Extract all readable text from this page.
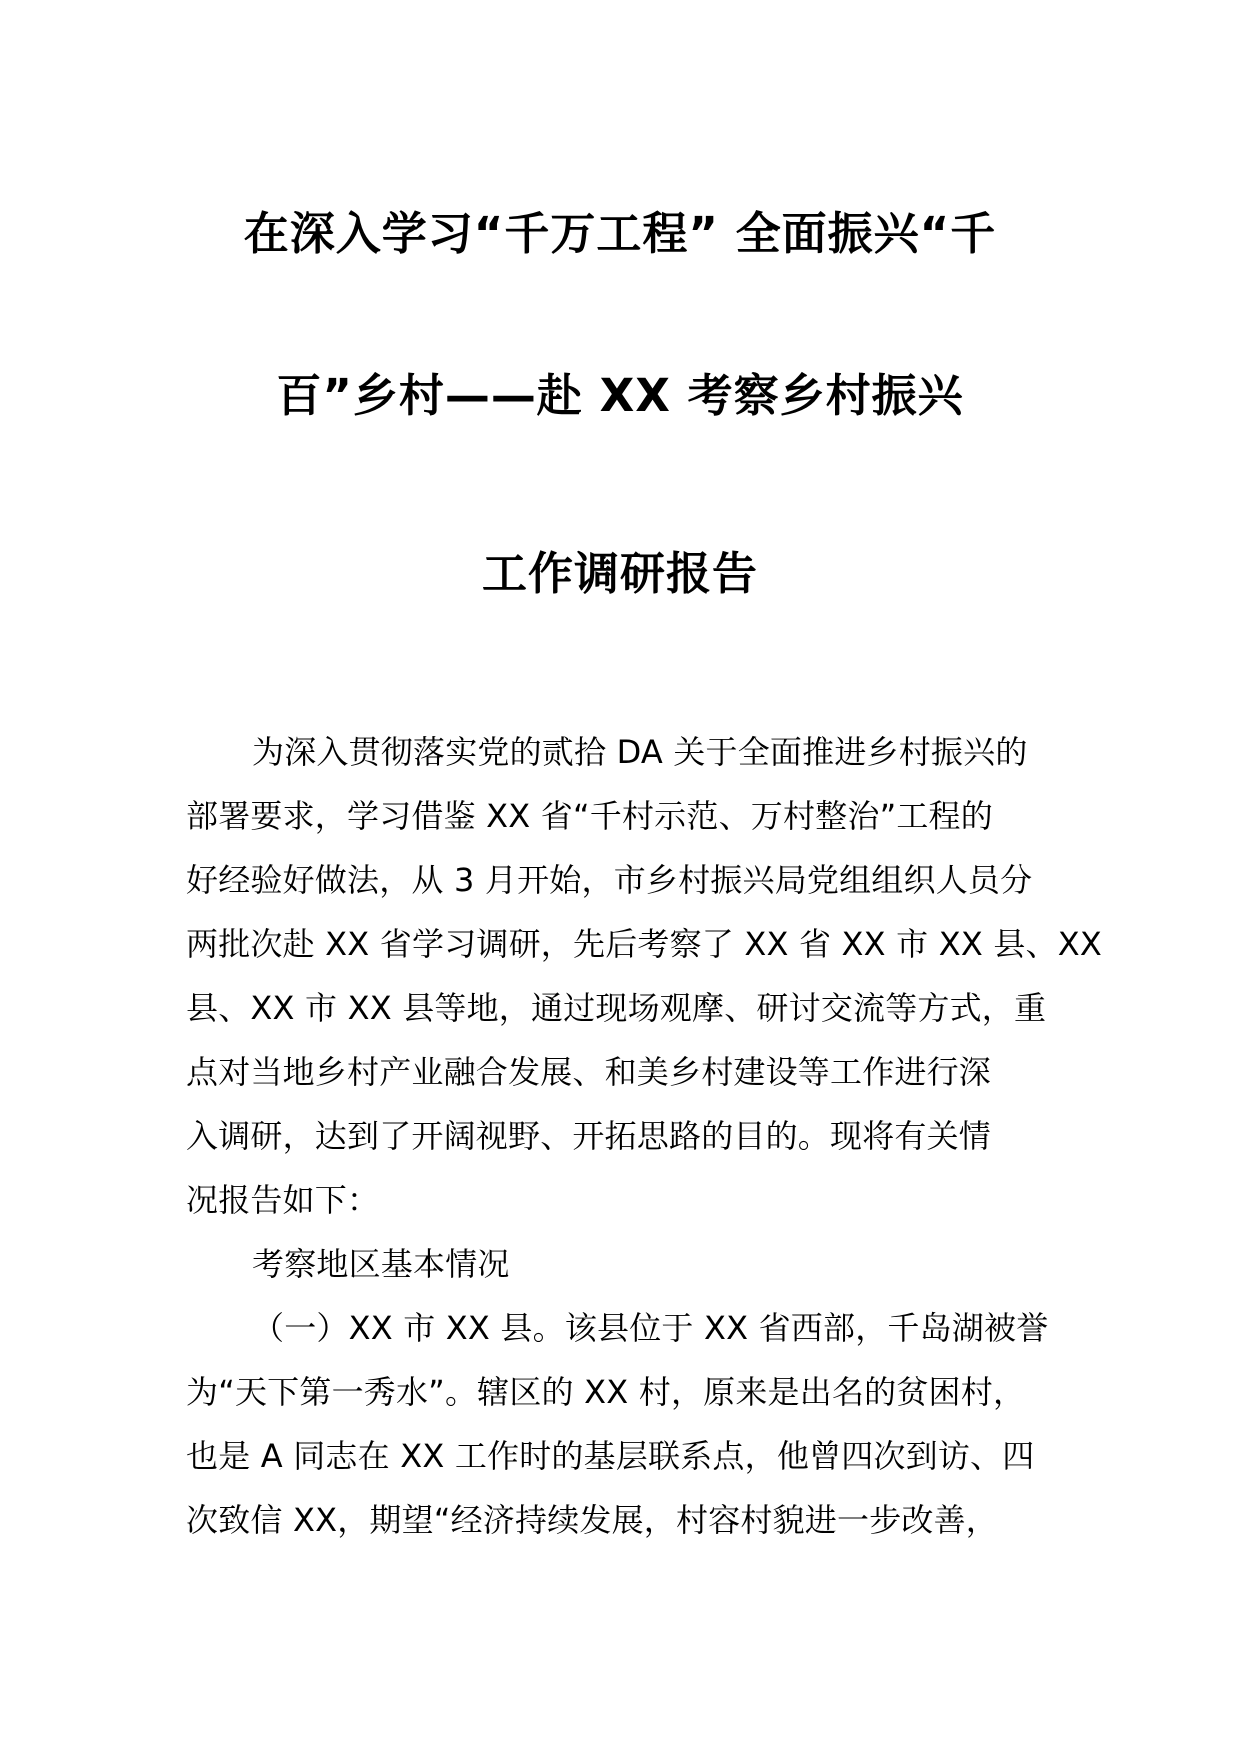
在深入学习“千万工程” 全面振兴“千
百”乡村——赴 XX 考察乡村振兴
工作调研报告
为深入贯彻落实党的贰拾 DA 关于全面推进乡村振兴的
部署要求，学习借鉴 XX 省“千村示范、万村整治”工程的
好经验好做法，从 3 月开始，市乡村振兴局党组组织人员分
两批次赴 XX 省学习调研，先后考察了 XX 省 XX 市 XX 县、XX
县、XX 市 XX 县等地，通过现场观摩、研讨交流等方式，重
点对当地乡村产业融合发展、和美乡村建设等工作进行深
入调研，达到了开阔视野、开拓思路的目的。现将有关情
况报告如下：
考察地区基本情况
（一）XX 市 XX 县。该县位于 XX 省西部，千岛湖被誉
为“天下第一秀水”。辖区的 XX 村，原来是出名的贫困村，
也是 A 同志在 XX 工作时的基层联系点，他曾四次到访、四
次致信 XX，期望“经济持续发展，村容村貌进一步改善，
